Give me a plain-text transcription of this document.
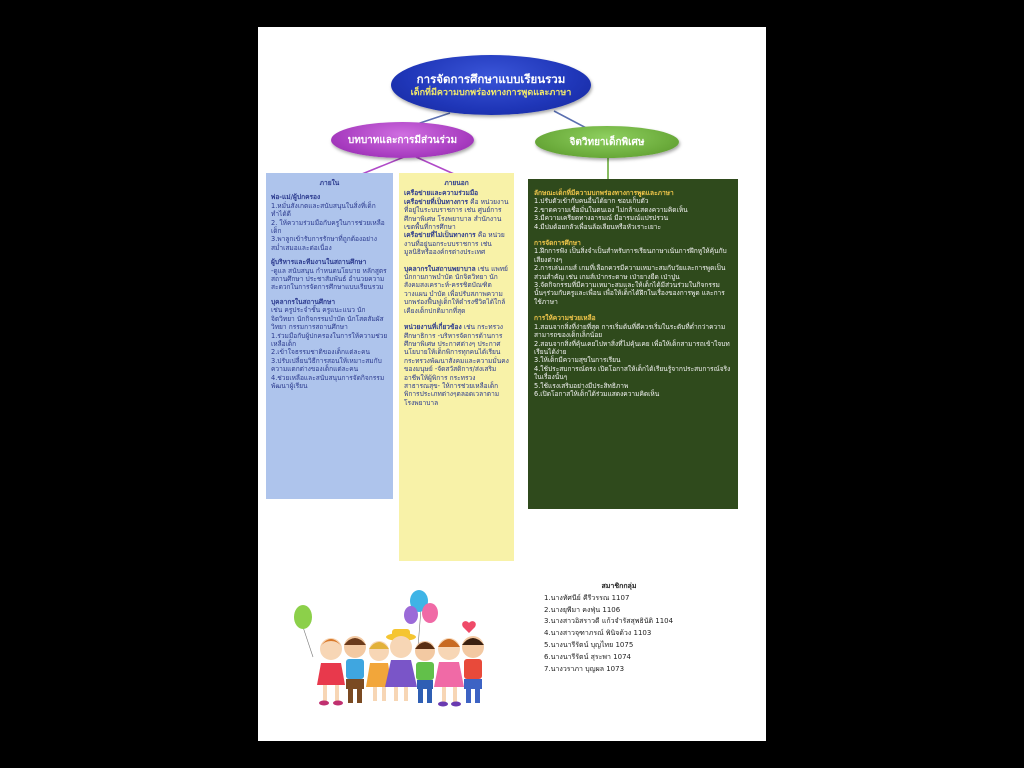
การจัดการศึกษาแบบเรียนรวม
เด็กที่มีความบกพร่องทางการพูดและภาษา
บทบาทและการมีส่วนร่วม	จิตวิทยาเด็กพิเศษ
ภายใน
พ่อ-แม่/ผู้ปกครอง

1.หมั่นสังเกตและสนับสนุนในสิ่งที่เด็กทำได้ดี

2. ให้ความร่วมมือกับครูในการช่วยเหลือเด็ก

3.พาลูกเข้ารับการรักษาที่ถูกต้องอย่างสม่ำเสมอและต่อเนื่อง

ผู้บริหารและทีมงานในสถานศึกษา

-ดูแล สนับสนุน กำหนดนโยบาย หลักสูตรสถานศึกษา ประชาสัมพันธ์ อำนวยความสะดวกในการจัดการศึกษาแบบเรียนรวม

บุคลากรในสถานศึกษา

เช่น ครูประจำชั้น ครูแนะแนว นักจิตวิทยา นักกิจกรรมบำบัด นักโสตสัมผัสวิทยา กรรมการสถานศึกษา

1.ร่วมมือกับผู้ปกครองในการให้ความช่วยเหลือเด็ก

2.เข้าใจธรรมชาติของเด็กแต่ละคน

3.ปรับเปลี่ยนวิธีการสอนให้เหมาะสมกับความแตกต่างของเด็กแต่ละคน

4.ช่วยเหลือและสนับสนุนการจัดกิจกรรมพัฒนาผู้เรียน

ภายนอก
เครือข่ายและความร่วมมือ

เครือข่ายที่เป็นทางการ คือ หน่วยงานที่อยู่ในระบบราชการ เช่น ศูนย์การศึกษาพิเศษ โรงพยาบาล สำนักงานเขตพื้นที่การศึกษา

เครือข่ายที่ไม่เป็นทางการ คือ หน่วยงานที่อยู่นอกระบบราชการ เช่น มูลนิธิหรือองค์กรต่างประเทศ

บุคลากรในสถานพยาบาล เช่น แพทย์ นักกายภาพบำบัด นักจิตวิทยา นักสังคมสงเคราะห์-ครรชิตบัณฑิต วางแผน บำบัด เพื่อปรับสภาพความบกพร่องฟื้นฟูเด็กให้ดำรงชีวิตได้ใกล้เคียงเด็กปกติมากที่สุด

หน่วยงานที่เกี่ยวข้อง เช่น กระทรวงศึกษาธิการ -บริหารจัดการด้านการศึกษาพิเศษ ประกาศต่างๆ ประกาศนโยบายให้เด็กพิการทุกคนได้เรียน กระทรวงพัฒนาสังคมและความมั่นคงของมนุษย์ -จัดสวัสดิการ/ส่งเสริมอาชีพให้ผู้พิการ กระทรวงสาธารณสุข- ให้การช่วยเหลือเด็กพิการประเภทต่างๆตลอดเวลาตามโรงพยาบาล

ลักษณะเด็กที่มีความบกพร่องทางการพูดและภาษา

1.ปรับตัวเข้ากับคนอื่นได้ยาก ชอบเก็บตัว

2.ขาดความเชื่อมั่นในตนเอง ไม่กล้าแสดงความคิดเห็น

3.มีความเครียดทางอารมณ์ มีอารมณ์แปรปรวน

4.มีปมด้อยกลัวเพื่อนล้อเลียนหรือหัวเราะเยาะ

การจัดการศึกษา

1.ฝึกการฟัง เป็นสิ่งจำเป็นสำหรับการเรียนภาษาเน้นการฝึกหูให้คุ้นกับเสียงต่างๆ

2.การเล่นเกมส์ เกมที่เลือกควรมีความเหมาะสมกับวัยและการพูดเป็นส่วนสำคัญ เช่น เกมส์เป่ากระดาษ เป่ายางยืด เป่าปูน

3.จัดกิจกรรมที่มีความเหมาะสมและให้เด็กได้มีส่วนร่วมในกิจกรรมนั้นๆร่วมกับครูและเพื่อน เพื่อให้เด็กได้ฝึกในเรื่องของการพูด และการใช้ภาษา

การให้ความช่วยเหลือ

1.สอนจากสิ่งที่ง่ายที่สุด การเริ่มต้นที่ดีควรเริ่มในระดับที่ต่ำกว่าความสามารถของเด็กเล็กน้อย

2.สอนจากสิ่งที่คุ้นเคยไปหาสิ่งที่ไม่คุ้นเคย เพื่อให้เด็กสามารถเข้าใจบทเรียนได้ง่าย

3.ให้เด็กมีความสุขในการเรียน

4.ใช้ประสบการณ์ตรง เปิดโอกาสให้เด็กได้เรียนรู้จากประสบการณ์จริงในเรื่องนั้นๆ

5.ใช้แรงเสริมอย่างมีประสิทธิภาพ

6.เปิดโอกาสให้เด็กได้ร่วมแสดงความคิดเห็น

สมาชิกกลุ่ม
1.นางทัศนีย์ คีรีวรรณ 1107
2.นางยุพีมา คงฟุ่น 1106
3.นางสาวอิสราวดี แก้วจำรัสสุพธินัติ 1104
4.นางสาวจุฑาภรณ์ พินิจด้วง 1103
5.นางนารีรัตน์ บุญไทย 1075
6.นางนารีรัตน์ สุระพา 1074
7.นางวราภา บุญผล 1073
